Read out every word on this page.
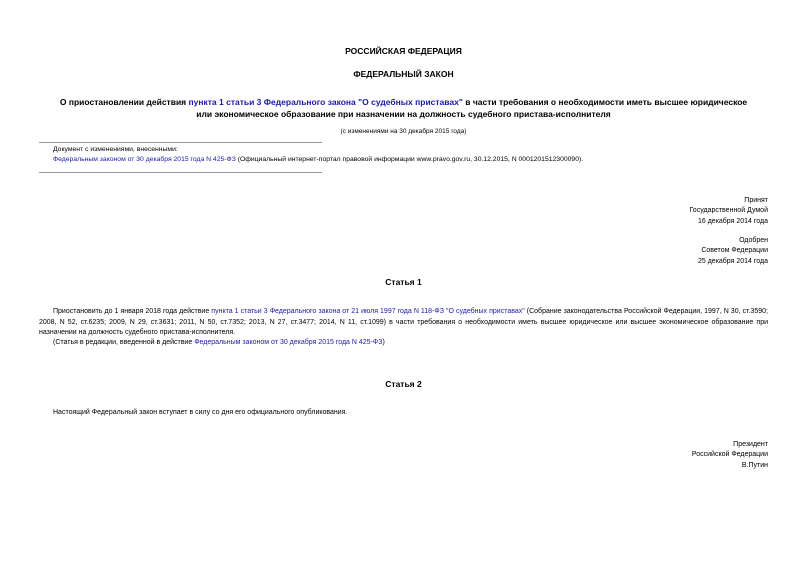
РОССИЙСКАЯ ФЕДЕРАЦИЯ
ФЕДЕРАЛЬНЫЙ ЗАКОН
О приостановлении действия пункта 1 статьи 3 Федерального закона "О судебных приставах" в части требования о необходимости иметь высшее юридическое
или экономическое образование при назначении на должность судебного пристава-исполнителя
(с изменениями на 30 декабря 2015 года)
Документ с изменениями, внесенными:
Федеральным законом от 30 декабря 2015 года N 425-ФЗ (Официальный интернет-портал правовой информации www.pravo.gov.ru, 30.12.2015, N 0001201512300090).
Принят
Государственной Думой
16 декабря 2014 года
Одобрен
Советом Федерации
25 декабря 2014 года
Статья 1
Приостановить до 1 января 2018 года действие пункта 1 статьи 3 Федерального закона от 21 июля 1997 года N 118-ФЗ "О судебных приставах" (Собрание законодательства Российской Федерации, 1997, N 30, ст.3590; 2008, N 52, ст.6235; 2009, N 29, ст.3631; 2011, N 50, ст.7352; 2013, N 27, ст.3477; 2014, N 11, ст.1099) в части требования о необходимости иметь высшее юридическое или высшее экономическое образование при назначении на должность судебного пристава-исполнителя.
(Статья в редакции, введенной в действие Федеральным законом от 30 декабря 2015 года N 425-ФЗ)
Статья 2
Настоящий Федеральный закон вступает в силу со дня его официального опубликования.
Президент
Российской Федерации
В.Путин
